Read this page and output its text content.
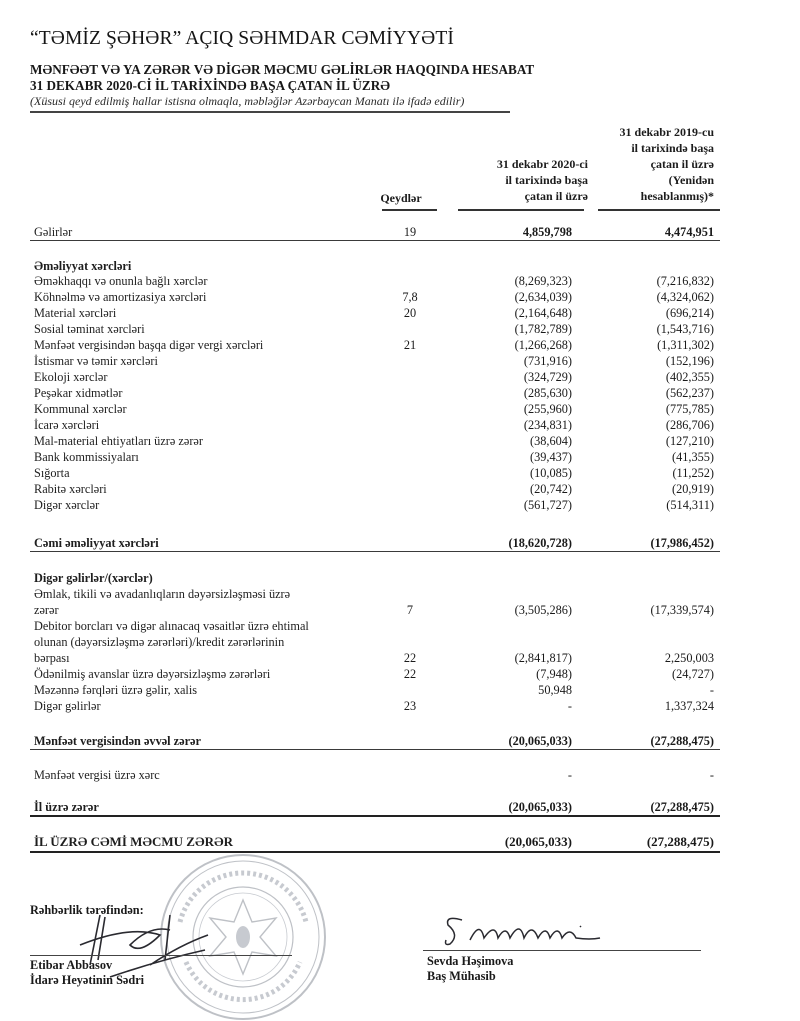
“TƏMİZ ŞƏHƏR” AÇIQ SƏHMDAR CƏMİYYƏTİ
MƏNFƏƏT VƏ YA ZƏRƏR VƏ DİGƏR MƏCMU GƏLİRLƏR HAQQINDA HESABAT
31 DEKABR 2020-Cİ İL TARİXİNDƏ BAŞA ÇATAN İL ÜZRƏ
(Xüsusi qeyd edilmiş hallar istisna olmaqla, məbləğlər Azərbaycan Manatı ilə ifadə edilir)
Qeydlər
31 dekabr 2020-ci
il tarixində başa
çatan il üzrə
31 dekabr 2019-cu
il tarixində başa
çatan il üzrə
(Yenidən
hesablanmış)*
Gəlirlər	19	4,859,798	4,474,951
Əməliyyat xərcləri
Əməkhaqqı və onunla bağlı xərclər	(8,269,323)	(7,216,832)
Köhnəlmə və amortizasiya xərcləri	7,8	(2,634,039)	(4,324,062)
Material xərcləri	20	(2,164,648)	(696,214)
Sosial təminat xərcləri	(1,782,789)	(1,543,716)
Mənfəət vergisindən başqa digər vergi xərcləri	21	(1,266,268)	(1,311,302)
İstismar və təmir xərcləri	(731,916)	(152,196)
Ekoloji xərclər	(324,729)	(402,355)
Peşəkar xidmətlər	(285,630)	(562,237)
Kommunal xərclər	(255,960)	(775,785)
İcarə xərcləri	(234,831)	(286,706)
Mal-material ehtiyatları üzrə zərər	(38,604)	(127,210)
Bank kommissiyaları	(39,437)	(41,355)
Sığorta	(10,085)	(11,252)
Rabitə xərcləri	(20,742)	(20,919)
Digər xərclər	(561,727)	(514,311)
Cəmi əməliyyat xərcləri	(18,620,728)	(17,986,452)
Digər gəlirlər/(xərclər)
Əmlak, tikili və avadanlıqların dəyərsizləşməsi üzrə
zərər	7	(3,505,286)	(17,339,574)
Debitor borcları və digər alınacaq vəsaitlər üzrə ehtimal
olunan (dəyərsizləşmə zərərləri)/kredit zərərlərinin
bərpası	22	(2,841,817)	2,250,003
Ödənilmiş avanslar üzrə dəyərsizləşmə zərərləri	22	(7,948)	(24,727)
Məzənnə fərqləri üzrə gəlir, xalis	50,948	-
Digər gəlirlər	23	-	1,337,324
Mənfəət vergisindən əvvəl zərər	(20,065,033)	(27,288,475)
Mənfəət vergisi üzrə xərc	-	-
İl üzrə zərər	(20,065,033)	(27,288,475)
İL ÜZRƏ CƏMİ MƏCMU ZƏRƏR	(20,065,033)	(27,288,475)
Rəhbərlik tərəfindən:
Etibar Abbasov
İdarə Heyətinin Sədri
Sevda Həşimova
Baş Mühasib
